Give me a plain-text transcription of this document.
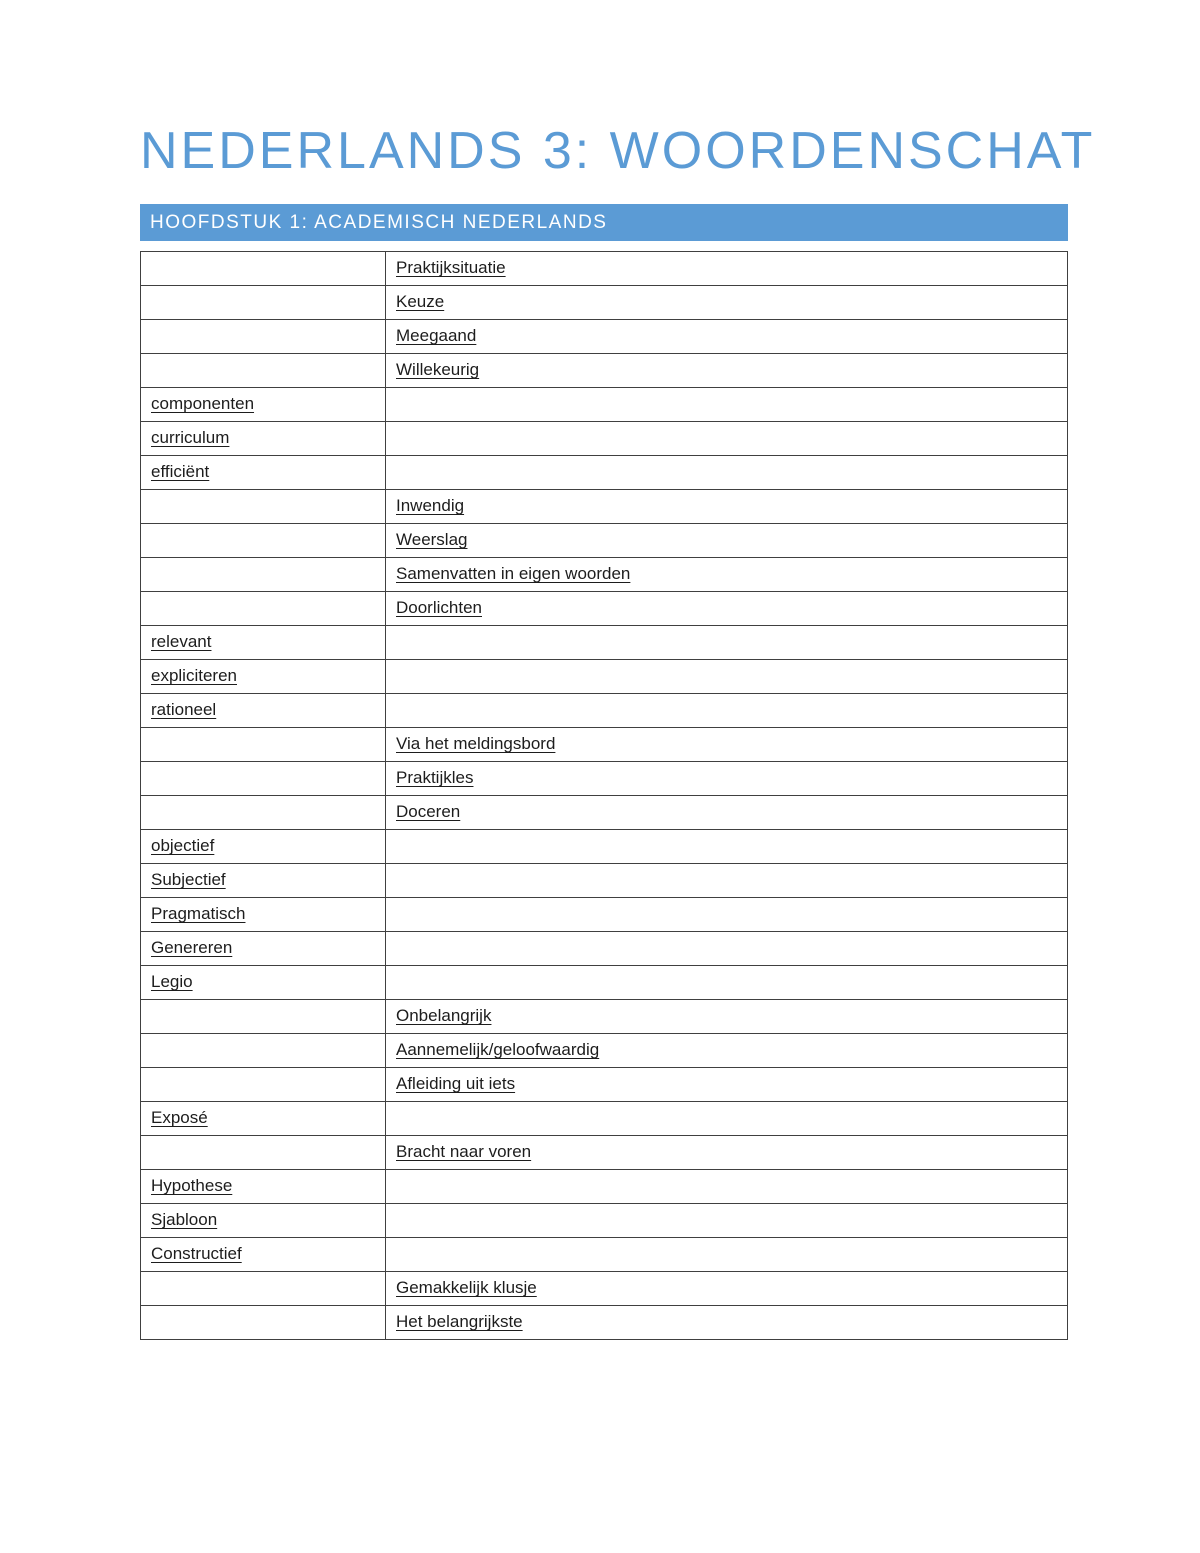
NEDERLANDS 3: WOORDENSCHAT
HOOFDSTUK 1: ACADEMISCH NEDERLANDS
	Praktijksituatie
	Keuze
	Meegaand
	Willekeurig
componenten	
curriculum	
efficiënt	
	Inwendig
	Weerslag
	Samenvatten in eigen woorden
	Doorlichten
relevant	
expliciteren	
rationeel	
	Via het meldingsbord
	Praktijkles
	Doceren
objectief	
Subjectief	
Pragmatisch	
Genereren	
Legio	
	Onbelangrijk
	Aannemelijk/geloofwaardig
	Afleiding uit iets
Exposé	
	Bracht naar voren
Hypothese	
Sjabloon	
Constructief	
	Gemakkelijk klusje
	Het belangrijkste
